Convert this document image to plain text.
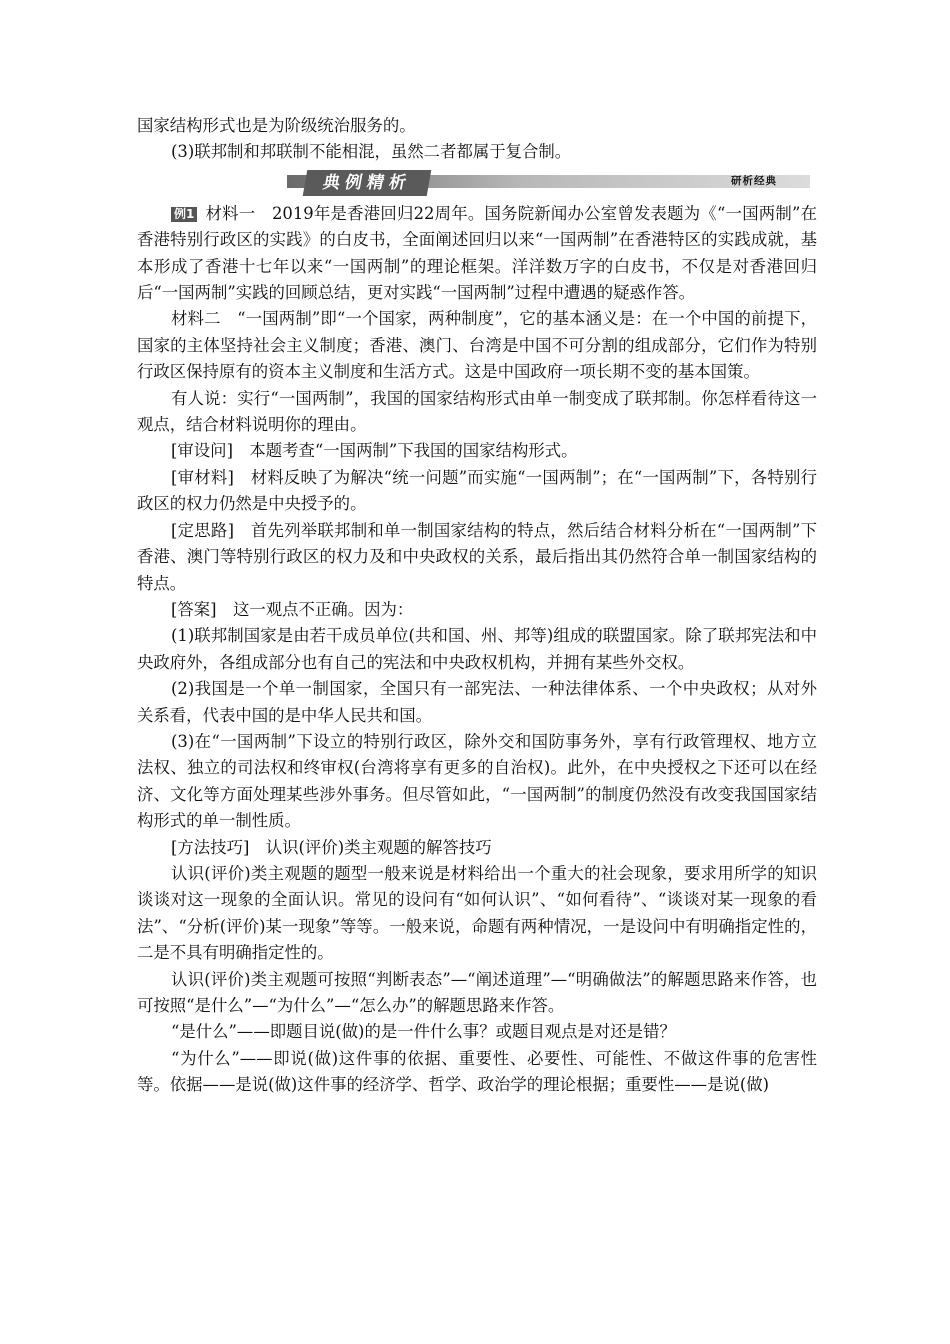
国家结构形式也是为阶级统治服务的。

(3)联邦制和邦联制不能相混，虽然二者都属于复合制。

典例精析	研析经典

例1 材料一　2019年是香港回归22周年。国务院新闻办公室曾发表题为《“一国两制”在香港特别行政区的实践》的白皮书，全面阐述回归以来“一国两制”在香港特区的实践成就，基本形成了香港十七年以来“一国两制”的理论框架。洋洋数万字的白皮书，不仅是对香港回归后“一国两制”实践的回顾总结，更对实践“一国两制”过程中遭遇的疑惑作答。

材料二　“一国两制”即“一个国家，两种制度”，它的基本涵义是：在一个中国的前提下，国家的主体坚持社会主义制度；香港、澳门、台湾是中国不可分割的组成部分，它们作为特别行政区保持原有的资本主义制度和生活方式。这是中国政府一项长期不变的基本国策。

有人说：实行“一国两制”，我国的国家结构形式由单一制变成了联邦制。你怎样看待这一观点，结合材料说明你的理由。

[审设问]　本题考查“一国两制”下我国的国家结构形式。

[审材料]　材料反映了为解决“统一问题”而实施“一国两制”；在“一国两制”下，各特别行政区的权力仍然是中央授予的。

[定思路]　首先列举联邦制和单一制国家结构的特点，然后结合材料分析在“一国两制”下香港、澳门等特别行政区的权力及和中央政权的关系，最后指出其仍然符合单一制国家结构的特点。

[答案]　这一观点不正确。因为：

(1)联邦制国家是由若干成员单位(共和国、州、邦等)组成的联盟国家。除了联邦宪法和中央政府外，各组成部分也有自己的宪法和中央政权机构，并拥有某些外交权。

(2)我国是一个单一制国家，全国只有一部宪法、一种法律体系、一个中央政权；从对外关系看，代表中国的是中华人民共和国。

(3)在“一国两制”下设立的特别行政区，除外交和国防事务外，享有行政管理权、地方立法权、独立的司法权和终审权(台湾将享有更多的自治权)。此外，在中央授权之下还可以在经济、文化等方面处理某些涉外事务。但尽管如此，“一国两制”的制度仍然没有改变我国国家结构形式的单一制性质。

[方法技巧]　认识(评价)类主观题的解答技巧

认识(评价)类主观题的题型一般来说是材料给出一个重大的社会现象，要求用所学的知识谈谈对这一现象的全面认识。常见的设问有“如何认识”、“如何看待”、“谈谈对某一现象的看法”、“分析(评价)某一现象”等等。一般来说，命题有两种情况，一是设问中有明确指定性的，二是不具有明确指定性的。

认识(评价)类主观题可按照“判断表态”—“阐述道理”—“明确做法”的解题思路来作答，也可按照“是什么”—“为什么”—“怎么办”的解题思路来作答。

“是什么”——即题目说(做)的是一件什么事？或题目观点是对还是错？

“为什么”——即说(做)这件事的依据、重要性、必要性、可能性、不做这件事的危害性等。依据——是说(做)这件事的经济学、哲学、政治学的理论根据；重要性——是说(做)
